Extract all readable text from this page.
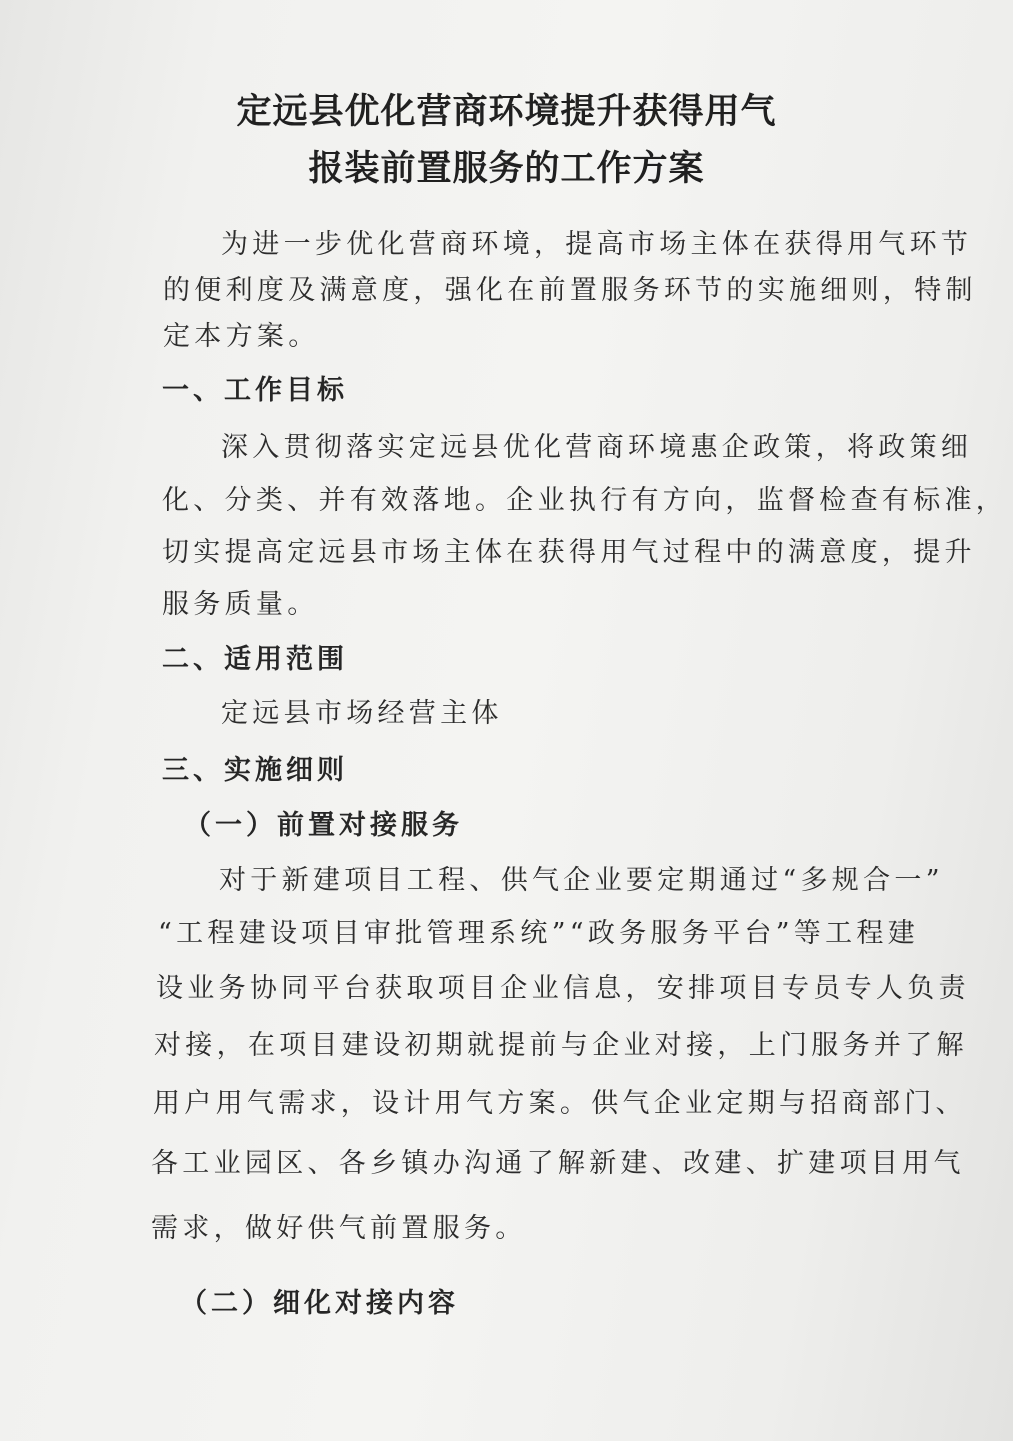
定远县优化营商环境提升获得用气
报装前置服务的工作方案
为进一步优化营商环境，提高市场主体在获得用气环节
的便利度及满意度，强化在前置服务环节的实施细则，特制
定本方案。
一、工作目标
深入贯彻落实定远县优化营商环境惠企政策，将政策细
化、分类、并有效落地。企业执行有方向，监督检查有标准，
切实提高定远县市场主体在获得用气过程中的满意度，提升
服务质量。
二、适用范围
定远县市场经营主体
三、实施细则
（一）前置对接服务
对于新建项目工程、供气企业要定期通过“多规合一”
“工程建设项目审批管理系统”“政务服务平台”等工程建
设业务协同平台获取项目企业信息，安排项目专员专人负责
对接，在项目建设初期就提前与企业对接，上门服务并了解
用户用气需求，设计用气方案。供气企业定期与招商部门、
各工业园区、各乡镇办沟通了解新建、改建、扩建项目用气
需求，做好供气前置服务。
（二）细化对接内容
